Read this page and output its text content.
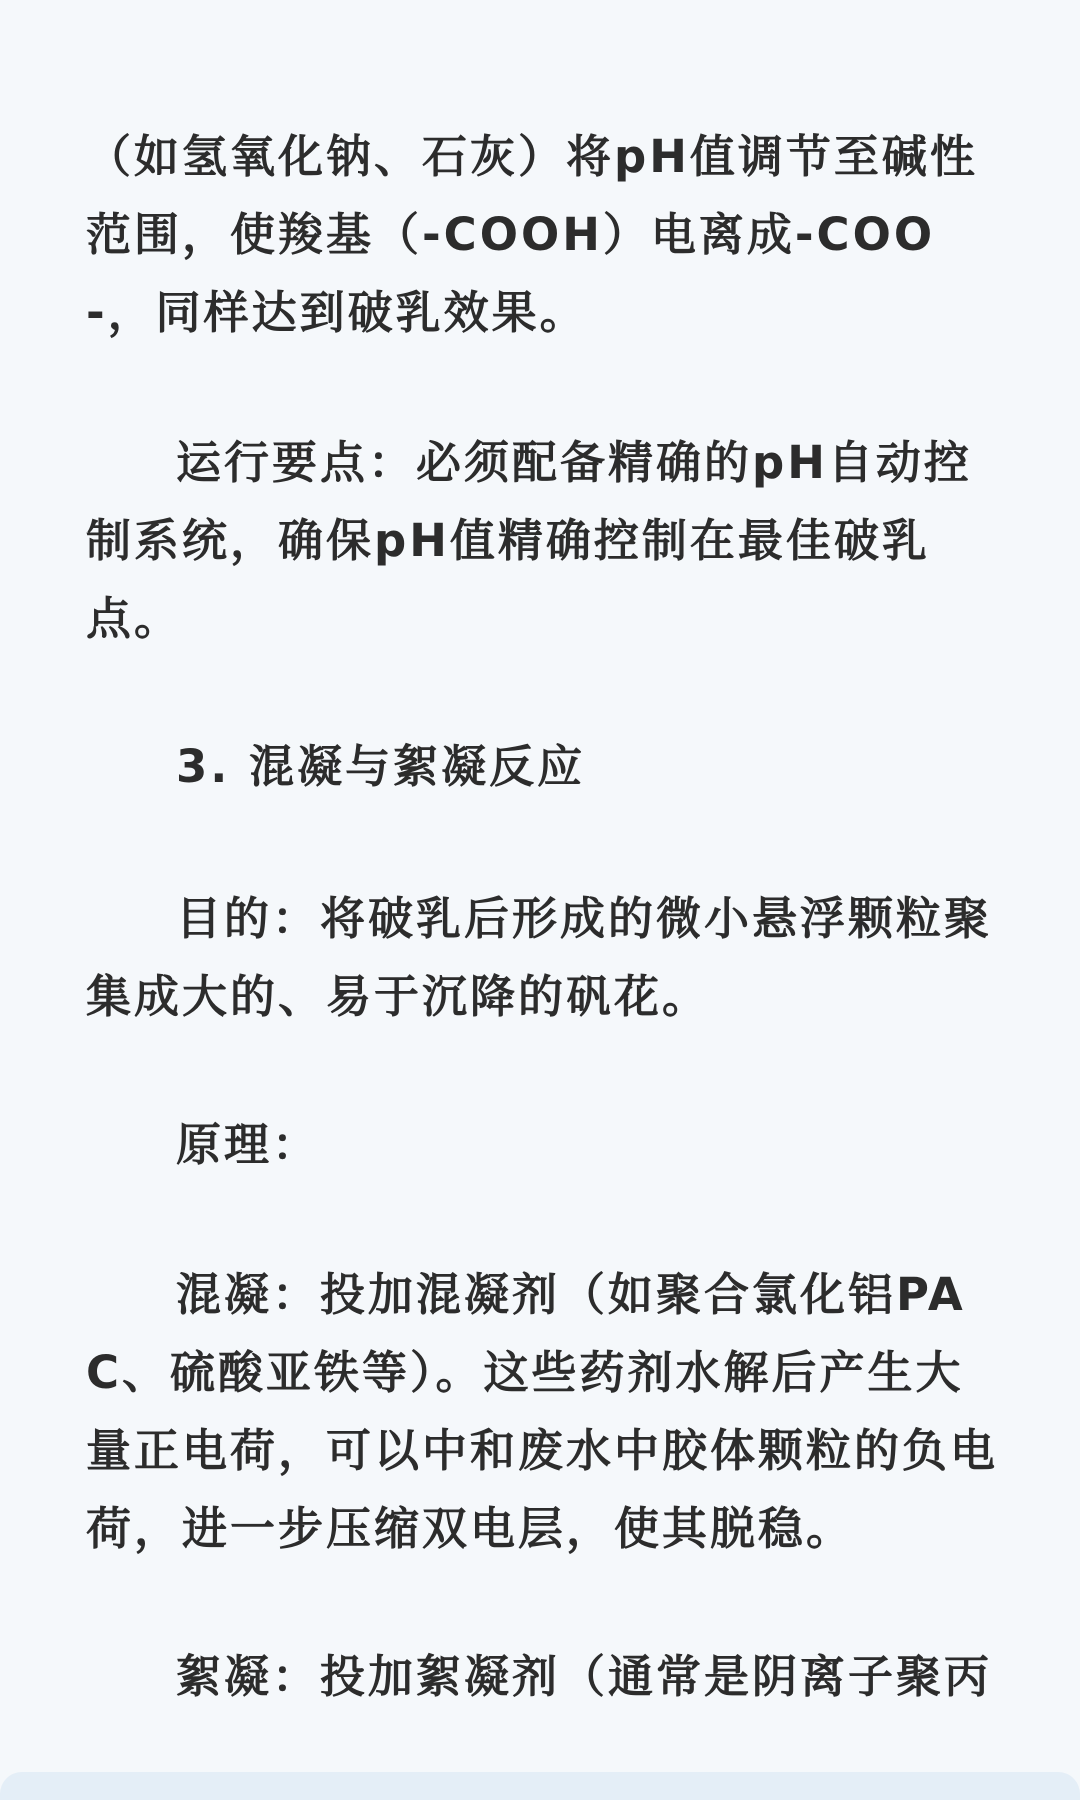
（如氢氧化钠、石灰）将pH值调节至碱性
范围，使羧基（-COOH）电离成-COO
-，同样达到破乳效果。

运行要点：必须配备精确的pH自动控
制系统，确保pH值精确控制在最佳破乳
点。

3. 混凝与絮凝反应

目的：将破乳后形成的微小悬浮颗粒聚
集成大的、易于沉降的矾花。

原理：

混凝：投加混凝剂（如聚合氯化铝PA
C、硫酸亚铁等）。这些药剂水解后产生大
量正电荷，可以中和废水中胶体颗粒的负电
荷，进一步压缩双电层，使其脱稳。

絮凝：投加絮凝剂（通常是阴离子聚丙
